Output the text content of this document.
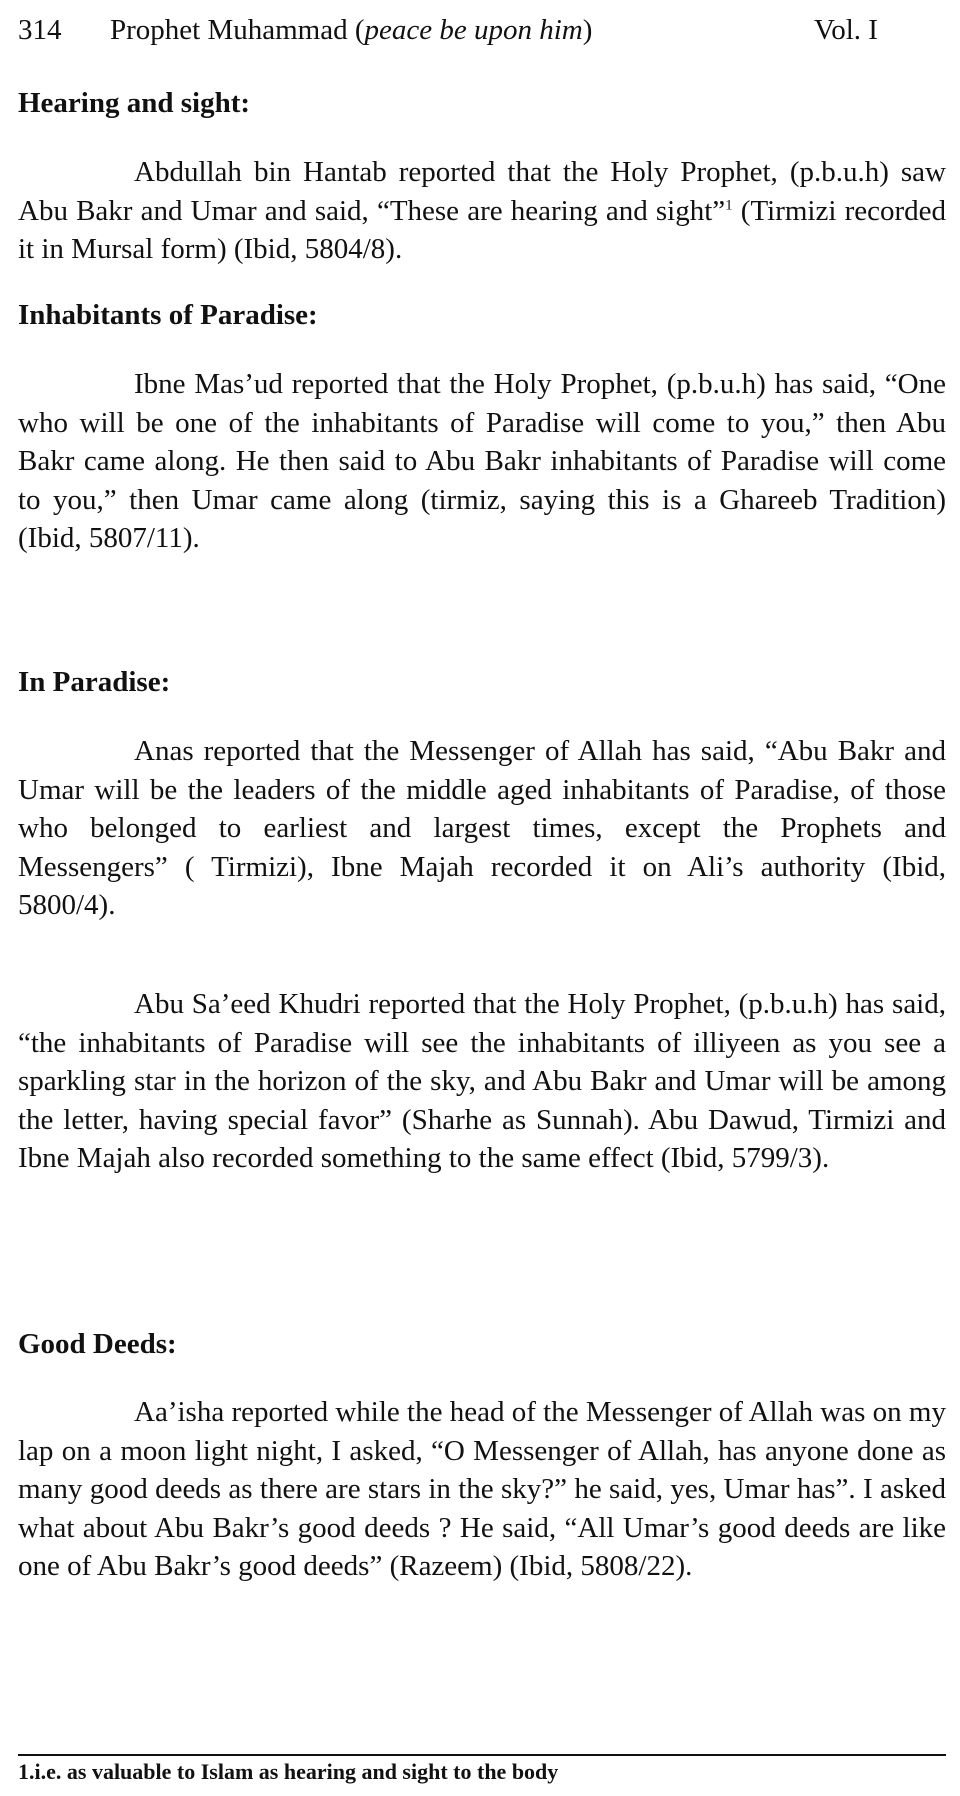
314 Prophet Muhammad (peace be upon him)	Vol. I
Hearing and sight:

Abdullah bin Hantab reported that the Holy Prophet, (p.b.u.h) saw Abu Bakr and Umar and said, “These are hearing and sight”$^1$ (Tirmizi recorded it in Mursal form) (Ibid, 5804/8).

Inhabitants of Paradise:

Ibne Mas’ud reported that the Holy Prophet, (p.b.u.h) has said, “One who will be one of the inhabitants of Paradise will come to you,” then Abu Bakr came along. He then said to Abu Bakr inhabitants of Paradise will come to you,” then Umar came along (tirmiz, saying this is a Ghareeb Tradition) (Ibid, 5807/11).

In Paradise:

Anas reported that the Messenger of Allah has said, “Abu Bakr and Umar will be the leaders of the middle aged inhabitants of Paradise, of those who belonged to earliest and largest times, except the Prophets and Messengers” ( Tirmizi), Ibne Majah recorded it on Ali’s authority (Ibid, 5800/4).

Abu Sa’eed Khudri reported that the Holy Prophet, (p.b.u.h) has said, “the inhabitants of Paradise will see the inhabitants of illiyeen as you see a sparkling star in the horizon of the sky, and Abu Bakr and Umar will be among the letter, having special favor” (Sharhe as Sunnah). Abu Dawud, Tirmizi and Ibne Majah also recorded something to the same effect (Ibid, 5799/3).

Good Deeds:

Aa’isha reported while the head of the Messenger of Allah was on my lap on a moon light night, I asked, “O Messenger of Allah, has anyone done as many good deeds as there are stars in the sky?” he said, yes, Umar has”. I asked what about Abu Bakr’s good deeds ? He said, “All Umar’s good deeds are like one of Abu Bakr’s good deeds” (Razeem) (Ibid, 5808/22).

1.i.e. as valuable to Islam as hearing and sight to the body
